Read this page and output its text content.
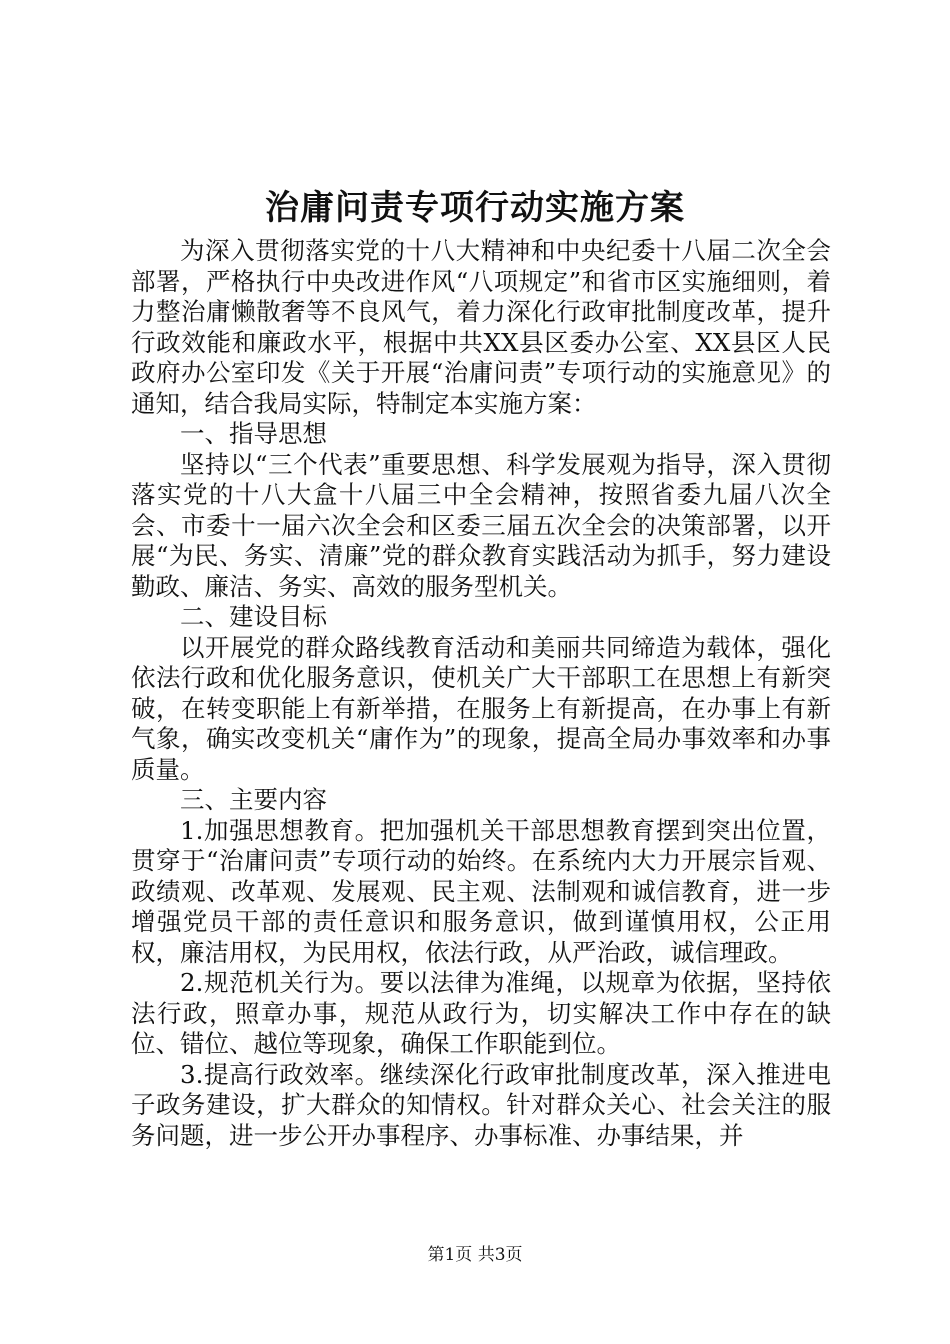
治庸问责专项行动实施方案

为深入贯彻落实党的十八大精神和中央纪委十八届二次全会部署，严格执行中央改进作风“八项规定”和省市区实施细则，着力整治庸懒散奢等不良风气，着力深化行政审批制度改革，提升行政效能和廉政水平，根据中共XX县区委办公室、XX县区人民政府办公室印发《关于开展“治庸问责”专项行动的实施意见》的通知，结合我局实际，特制定本实施方案：

一、指导思想

坚持以“三个代表”重要思想、科学发展观为指导，深入贯彻落实党的十八大盒十八届三中全会精神，按照省委九届八次全会、市委十一届六次全会和区委三届五次全会的决策部署，以开展“为民、务实、清廉”党的群众教育实践活动为抓手，努力建设勤政、廉洁、务实、高效的服务型机关。

二、建设目标

以开展党的群众路线教育活动和美丽共同缔造为载体，强化依法行政和优化服务意识，使机关广大干部职工在思想上有新突破，在转变职能上有新举措，在服务上有新提高，在办事上有新气象，确实改变机关“庸作为”的现象，提高全局办事效率和办事质量。

三、主要内容

1.加强思想教育。把加强机关干部思想教育摆到突出位置，贯穿于“治庸问责”专项行动的始终。在系统内大力开展宗旨观、政绩观、改革观、发展观、民主观、法制观和诚信教育，进一步增强党员干部的责任意识和服务意识，做到谨慎用权，公正用权，廉洁用权，为民用权，依法行政，从严治政，诚信理政。

2.规范机关行为。要以法律为准绳，以规章为依据，坚持依法行政，照章办事，规范从政行为，切实解决工作中存在的缺位、错位、越位等现象，确保工作职能到位。

3.提高行政效率。继续深化行政审批制度改革，深入推进电子政务建设，扩大群众的知情权。针对群众关心、社会关注的服务问题，进一步公开办事程序、办事标准、办事结果，并

第1页 共3页
